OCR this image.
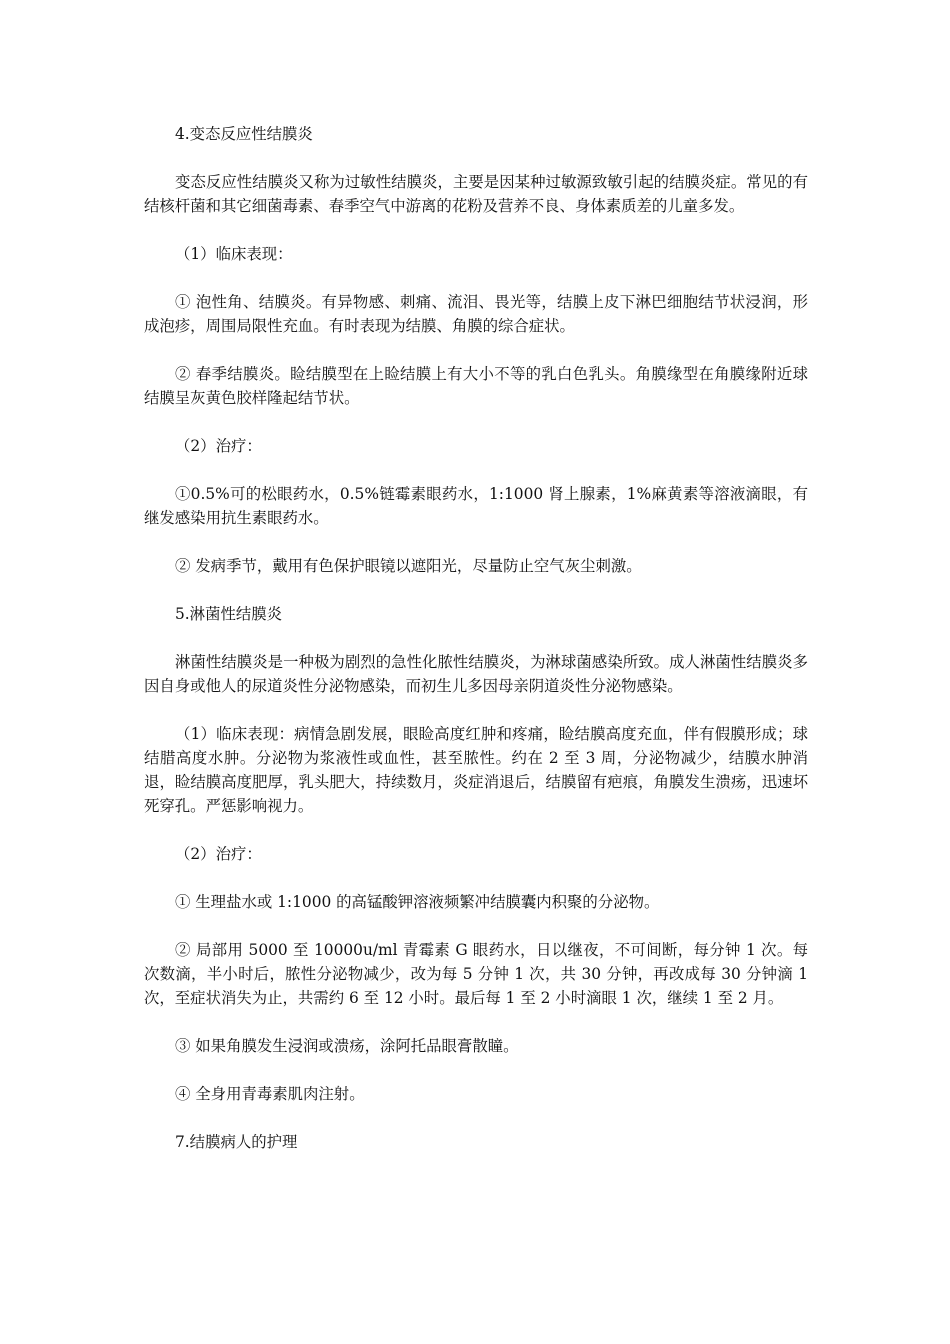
4.变态反应性结膜炎

变态反应性结膜炎又称为过敏性结膜炎，主要是因某种过敏源致敏引起的结膜炎症。常见的有结核杆菌和其它细菌毒素、春季空气中游离的花粉及营养不良、身体素质差的儿童多发。

（1）临床表现：

① 泡性角、结膜炎。有异物感、刺痛、流泪、畏光等，结膜上皮下淋巴细胞结节状浸润，形成泡疹，周围局限性充血。有时表现为结膜、角膜的综合症状。

② 春季结膜炎。睑结膜型在上睑结膜上有大小不等的乳白色乳头。角膜缘型在角膜缘附近球结膜呈灰黄色胶样隆起结节状。

（2）治疗：

①0.5%可的松眼药水，0.5%链霉素眼药水，1:1000 肾上腺素，1%麻黄素等溶液滴眼，有继发感染用抗生素眼药水。

② 发病季节，戴用有色保护眼镜以遮阳光，尽量防止空气灰尘刺激。

5.淋菌性结膜炎

淋菌性结膜炎是一种极为剧烈的急性化脓性结膜炎，为淋球菌感染所致。成人淋菌性结膜炎多因自身或他人的尿道炎性分泌物感染，而初生儿多因母亲阴道炎性分泌物感染。

（1）临床表现：病情急剧发展，眼睑高度红肿和疼痛，睑结膜高度充血，伴有假膜形成；球结腊高度水肿。分泌物为浆液性或血性，甚至脓性。约在 2 至 3 周，分泌物减少，结膜水肿消退，睑结膜高度肥厚，乳头肥大，持续数月，炎症消退后，结膜留有疤痕，角膜发生溃疡，迅速坏死穿孔。严惩影响视力。

（2）治疗：

① 生理盐水或 1:1000 的高锰酸钾溶液频繁冲结膜囊内积聚的分泌物。

② 局部用 5000 至 10000u/ml 青霉素 G 眼药水，日以继夜，不可间断，每分钟 1 次。每次数滴，半小时后，脓性分泌物减少，改为每 5 分钟 1 次，共 30 分钟，再改成每 30 分钟滴 1 次，至症状消失为止，共需约 6 至 12 小时。最后每 1 至 2 小时滴眼 1 次，继续 1 至 2 月。

③ 如果角膜发生浸润或溃疡，涂阿托品眼膏散瞳。

④ 全身用青毒素肌肉注射。

7.结膜病人的护理
